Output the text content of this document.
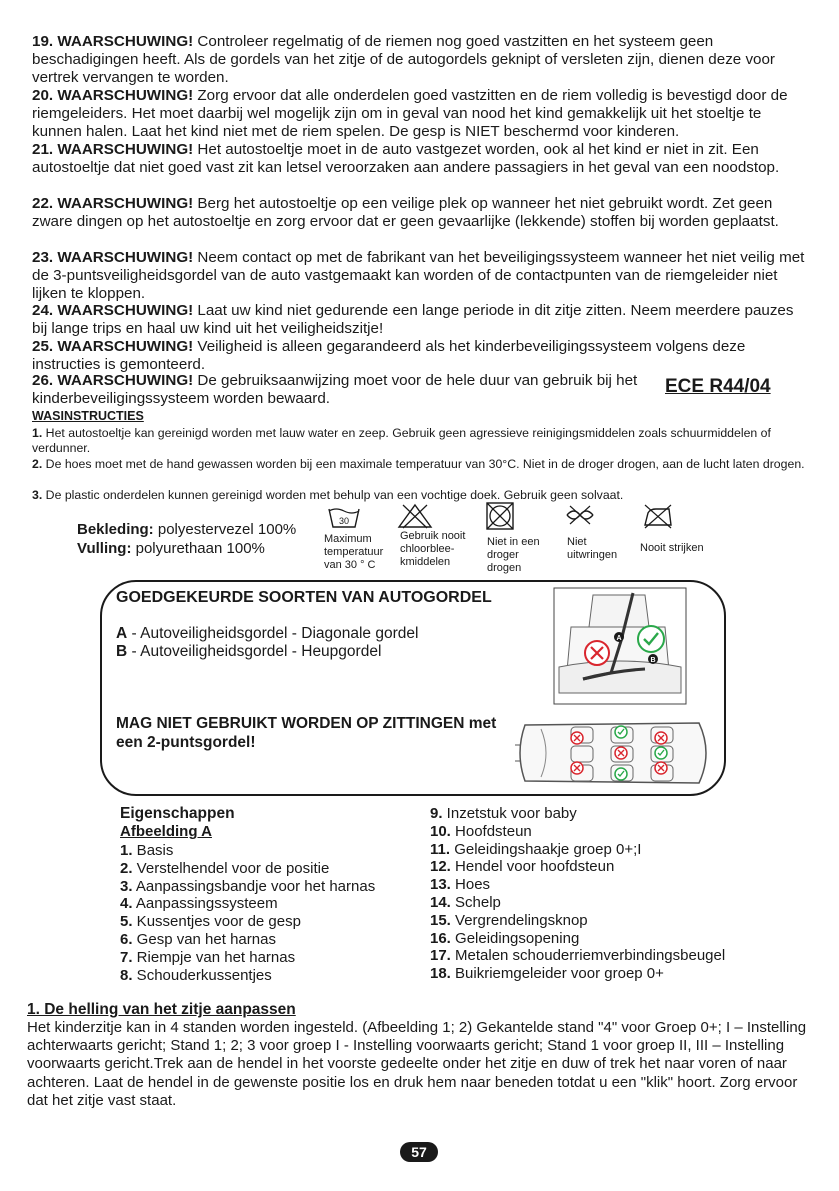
19. WAARSCHUWING! Controleer regelmatig of de riemen nog goed vastzitten en het systeem geen beschadigingen heeft. Als de gordels van het zitje of de autogordels geknipt of versleten zijn, dienen deze voor vertrek vervangen te worden.
20. WAARSCHUWING! Zorg ervoor dat alle onderdelen goed vastzitten en de riem volledig is bevestigd door de riemgeleiders. Het moet daarbij wel mogelijk zijn om in geval van nood het kind gemakkelijk uit het stoeltje te kunnen halen. Laat het kind niet met de riem spelen. De gesp is NIET beschermd voor kinderen.
21. WAARSCHUWING! Het autostoeltje moet in de auto vastgezet worden, ook al het kind er niet in zit. Een autostoeltje dat niet goed vast zit kan letsel veroorzaken aan andere passagiers in het geval van een noodstop.
22. WAARSCHUWING! Berg het autostoeltje op een veilige plek op wanneer het niet gebruikt wordt. Zet geen zware dingen op het autostoeltje en zorg ervoor dat er geen gevaarlijke (lekkende) stoffen bij worden geplaatst.
23. WAARSCHUWING! Neem contact op met de fabrikant van het beveiligingssysteem wanneer het niet veilig met de 3-puntsveiligheidsgordel van de auto vastgemaakt kan worden of de contactpunten van de riemgeleider niet lijken te kloppen.
24. WAARSCHUWING! Laat uw kind niet gedurende een lange periode in dit zitje zitten. Neem meerdere pauzes bij lange trips en haal uw kind uit het veiligheidszitje!
25. WAARSCHUWING! Veiligheid is alleen gegarandeerd als het kinderbeveiligingssysteem volgens deze instructies is gemonteerd.
26. WAARSCHUWING! De gebruiksaanwijzing moet voor de hele duur van gebruik bij het kinderbeveiligingssysteem worden bewaard.
ECE R44/04
WASINSTRUCTIES
1. Het autostoeltje kan gereinigd worden met lauw water en zeep. Gebruik geen agressieve reinigingsmiddelen zoals schuurmiddelen of verdunner.
2. De hoes moet met de hand gewassen worden bij een maximale temperatuur van 30°C. Niet in de droger drogen, aan de lucht laten drogen.
3. De plastic onderdelen kunnen gereinigd worden met behulp van een vochtige doek. Gebruik geen solvaat.
Bekleding: polyestervezel 100%
Vulling: polyurethaan 100%
30
Maximum temperatuur van 30 ° C
Gebruik nooit chloorblee-kmiddelen
Niet in een droger drogen
Niet uitwringen
Nooit strijken
GOEDGEKEURDE SOORTEN VAN AUTOGORDEL
A - Autoveiligheidsgordel - Diagonale gordel
B - Autoveiligheidsgordel - Heupgordel
MAG NIET GEBRUIKT WORDEN OP ZITTINGEN met een 2-puntsgordel!
A
B
Eigenschappen
Afbeelding A
1. Basis
2. Verstelhendel voor de positie
3. Aanpassingsbandje voor het harnas
4. Aanpassingssysteem
5. Kussentjes voor de gesp
6. Gesp van het harnas
7. Riempje van het harnas
8. Schouderkussentjes
9. Inzetstuk voor baby
10. Hoofdsteun
11. Geleidingshaakje groep 0+;I
12. Hendel voor hoofdsteun
13. Hoes
14. Schelp
15. Vergrendelingsknop
16. Geleidingsopening
17. Metalen schouderriemverbindingsbeugel
18. Buikriemgeleider voor groep 0+
1. De helling van het zitje aanpassen
Het kinderzitje kan in 4 standen worden ingesteld. (Afbeelding 1; 2) Gekantelde stand "4" voor Groep 0+; I – Instelling achterwaarts gericht; Stand 1; 2; 3 voor groep I - Instelling voorwaarts gericht; Stand 1 voor groep II, III – Instelling voorwaarts gericht.Trek aan de hendel in het voorste gedeelte onder het zitje en duw of trek het naar voren of naar achteren. Laat de hendel in de gewenste positie los en druk hem naar beneden totdat u een "klik" hoort. Zorg ervoor dat het zitje vast staat.
57
